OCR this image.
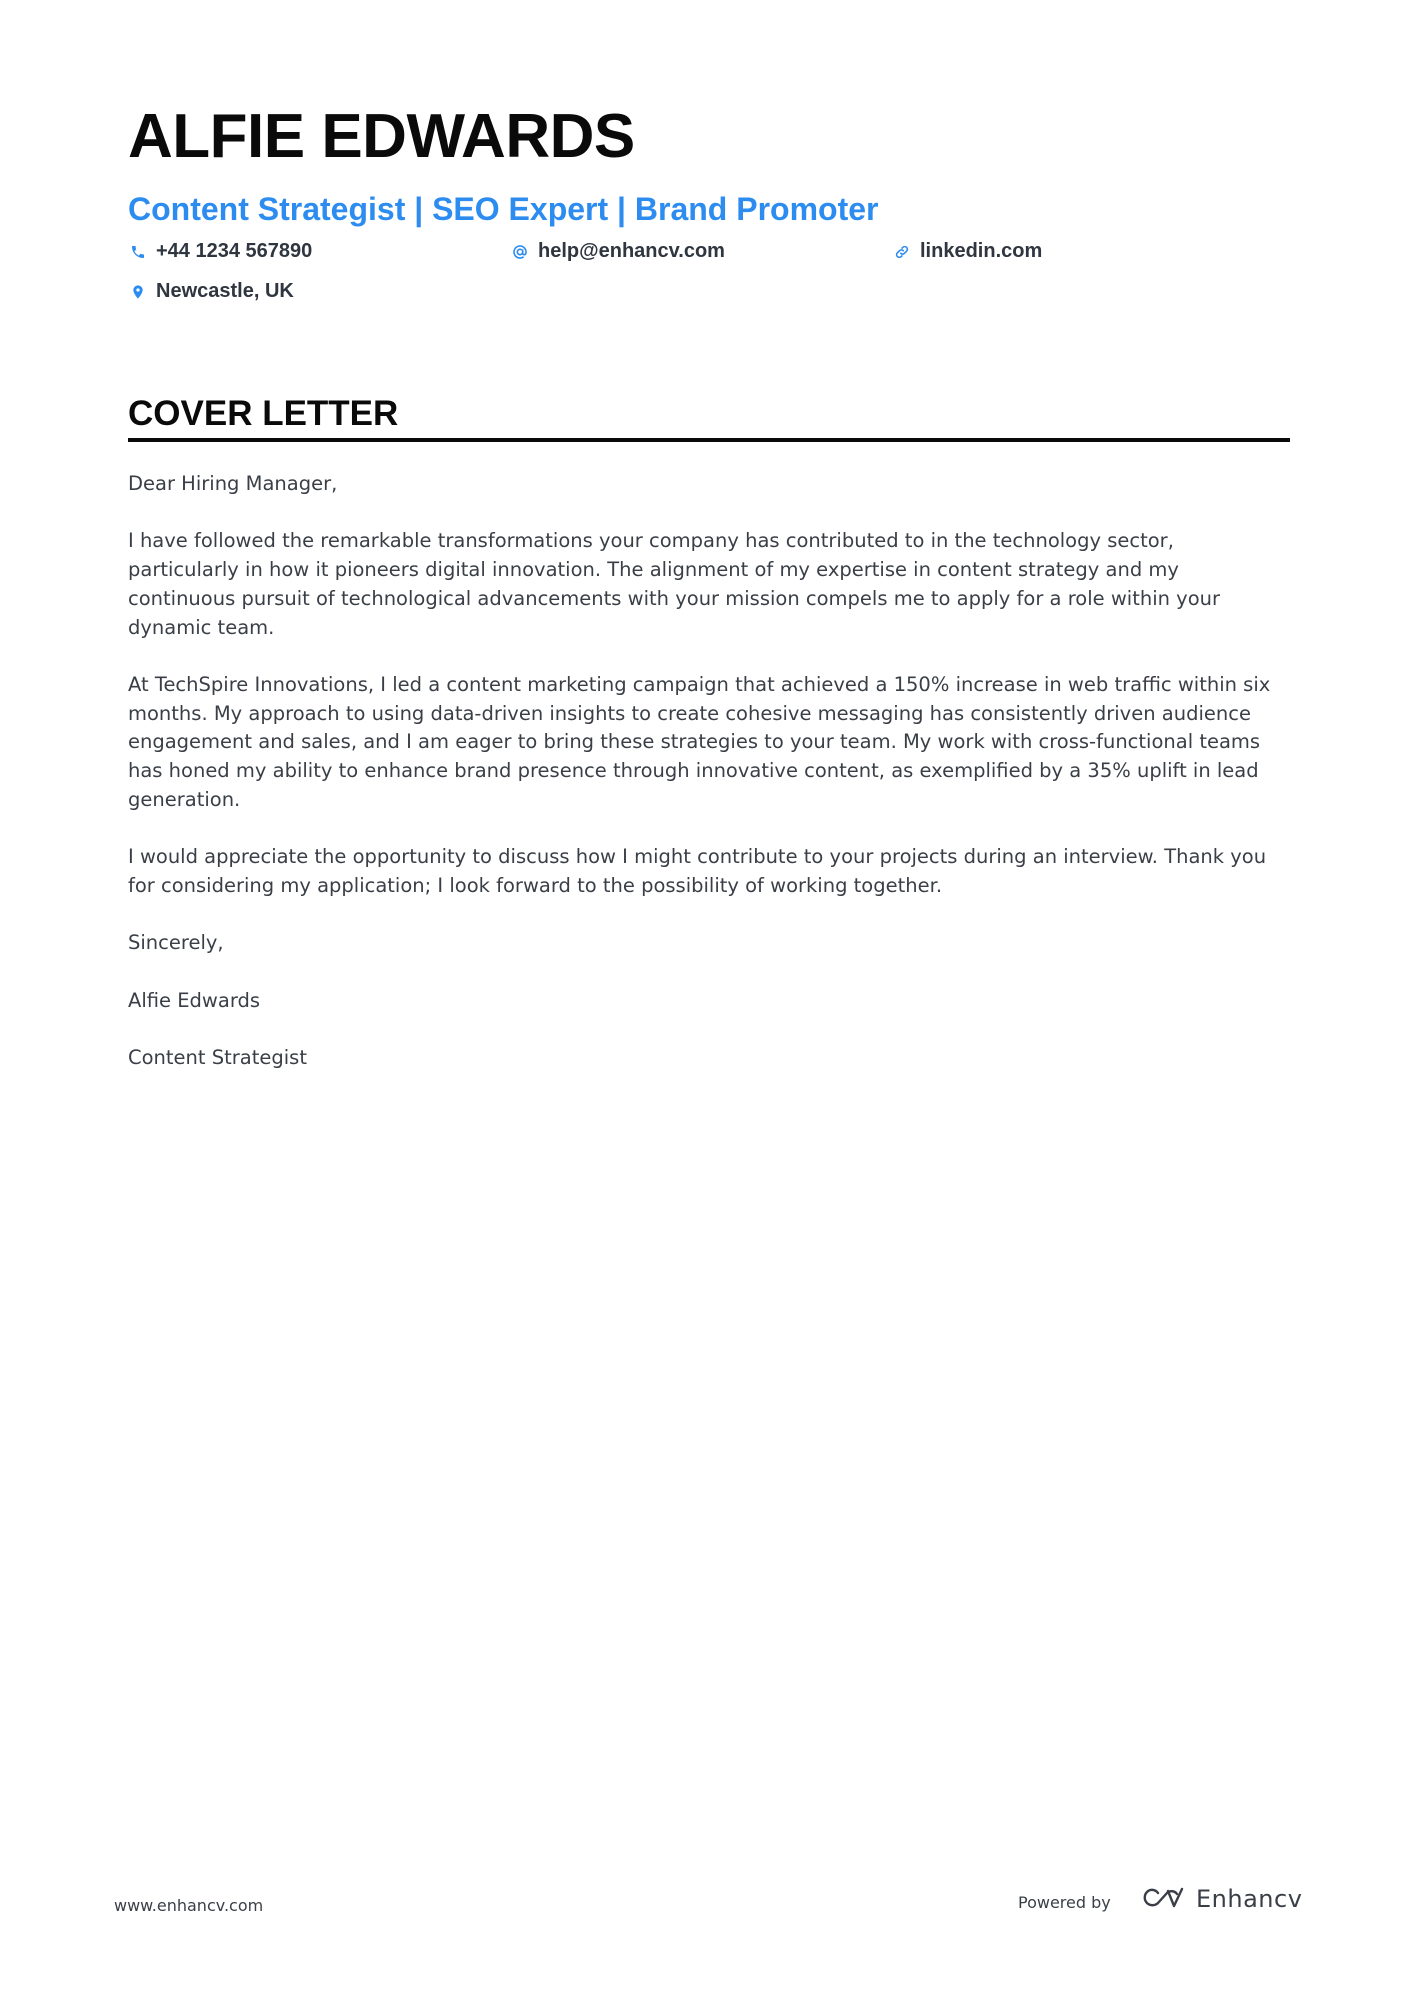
ALFIE EDWARDS
Content Strategist | SEO Expert | Brand Promoter
+44 1234 567890	help@enhancv.com	linkedin.com
Newcastle, UK
COVER LETTER

Dear Hiring Manager,

I have followed the remarkable transformations your company has contributed to in the technology sector, particularly in how it pioneers digital innovation. The alignment of my expertise in content strategy and my continuous pursuit of technological advancements with your mission compels me to apply for a role within your dynamic team.

At TechSpire Innovations, I led a content marketing campaign that achieved a 150% increase in web traffic within six months. My approach to using data-driven insights to create cohesive messaging has consistently driven audience engagement and sales, and I am eager to bring these strategies to your team. My work with cross-functional teams has honed my ability to enhance brand presence through innovative content, as exemplified by a 35% uplift in lead generation.

I would appreciate the opportunity to discuss how I might contribute to your projects during an interview. Thank you for considering my application; I look forward to the possibility of working together.

Sincerely,

Alfie Edwards

Content Strategist

www.enhancv.com	Powered by	Enhancv
